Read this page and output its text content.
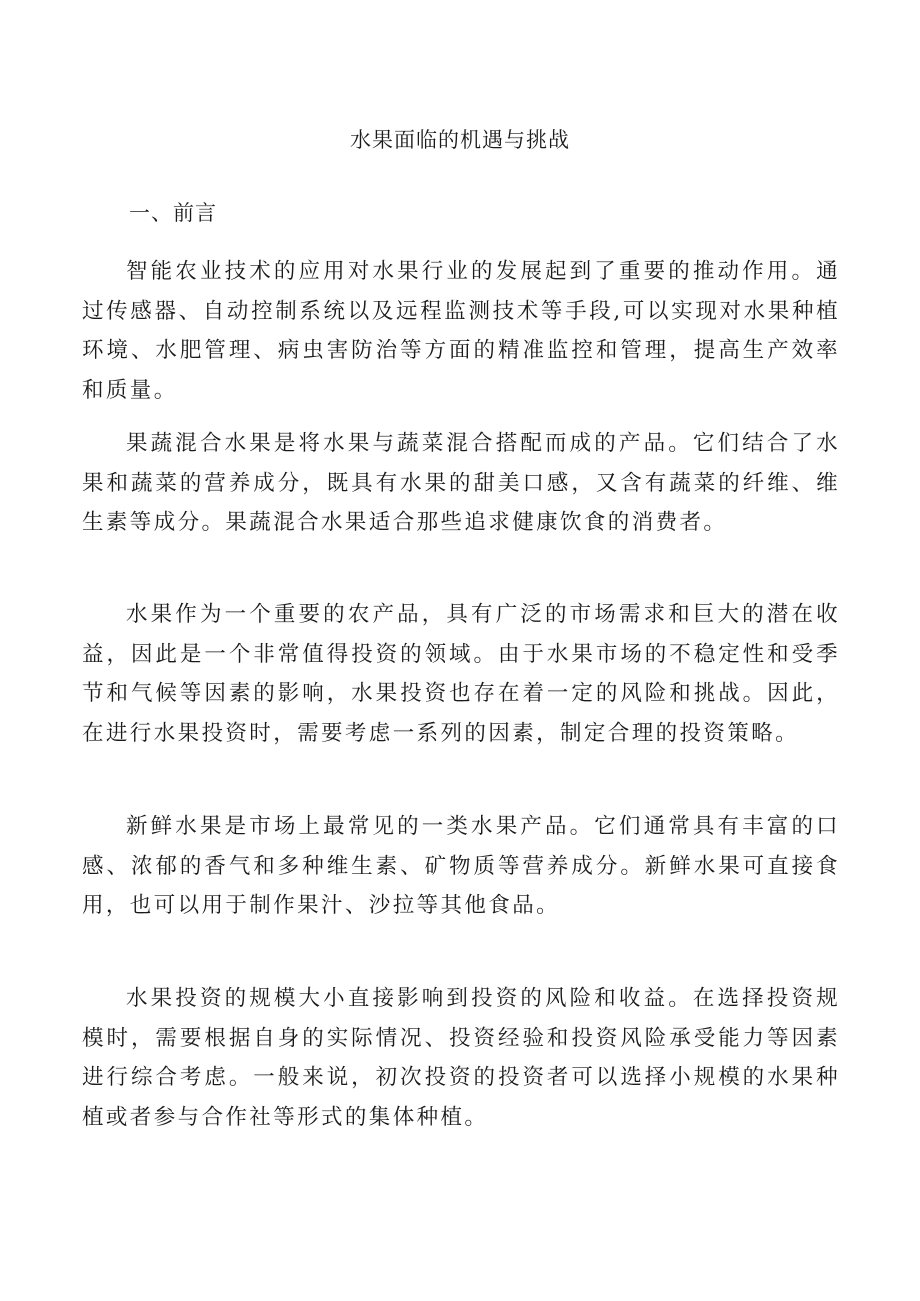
水果面临的机遇与挑战
一、前言

智能农业技术的应用对水果行业的发展起到了重要的推动作用。通过传感器、自动控制系统以及远程监测技术等手段,可以实现对水果种植环境、水肥管理、病虫害防治等方面的精准监控和管理，提高生产效率和质量。

果蔬混合水果是将水果与蔬菜混合搭配而成的产品。它们结合了水果和蔬菜的营养成分，既具有水果的甜美口感，又含有蔬菜的纤维、维生素等成分。果蔬混合水果适合那些追求健康饮食的消费者。

水果作为一个重要的农产品，具有广泛的市场需求和巨大的潜在收益，因此是一个非常值得投资的领域。由于水果市场的不稳定性和受季节和气候等因素的影响，水果投资也存在着一定的风险和挑战。因此，在进行水果投资时，需要考虑一系列的因素，制定合理的投资策略。

新鲜水果是市场上最常见的一类水果产品。它们通常具有丰富的口感、浓郁的香气和多种维生素、矿物质等营养成分。新鲜水果可直接食用，也可以用于制作果汁、沙拉等其他食品。

水果投资的规模大小直接影响到投资的风险和收益。在选择投资规模时，需要根据自身的实际情况、投资经验和投资风险承受能力等因素进行综合考虑。一般来说，初次投资的投资者可以选择小规模的水果种植或者参与合作社等形式的集体种植。
